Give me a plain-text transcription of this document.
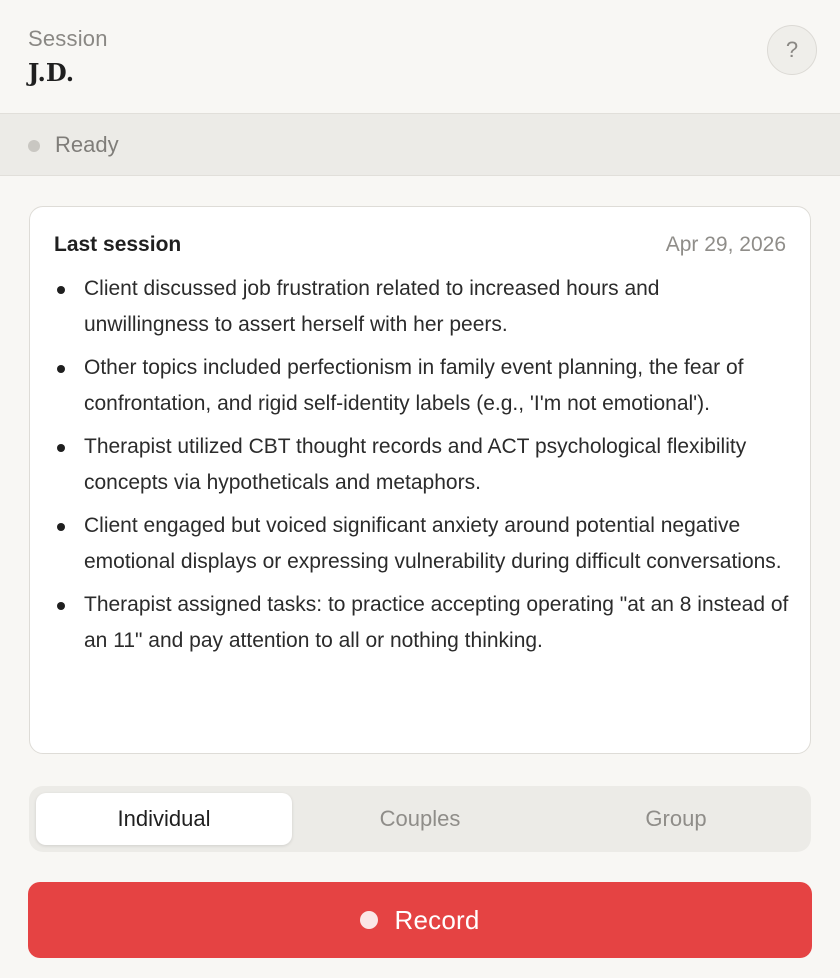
Session
J.D.
?
Ready
Last session	Apr 29, 2026
Client discussed job frustration related to increased hours and unwillingness to assert herself with her peers.
Other topics included perfectionism in family event planning, the fear of confrontation, and rigid self-identity labels (e.g., 'I'm not emotional').
Therapist utilized CBT thought records and ACT psychological flexibility concepts via hypotheticals and metaphors.
Client engaged but voiced significant anxiety around potential negative emotional displays or expressing vulnerability during difficult conversations.
Therapist assigned tasks: to practice accepting operating "at an 8 instead of an 11" and pay attention to all or nothing thinking.
Individual	Couples	Group
Record
